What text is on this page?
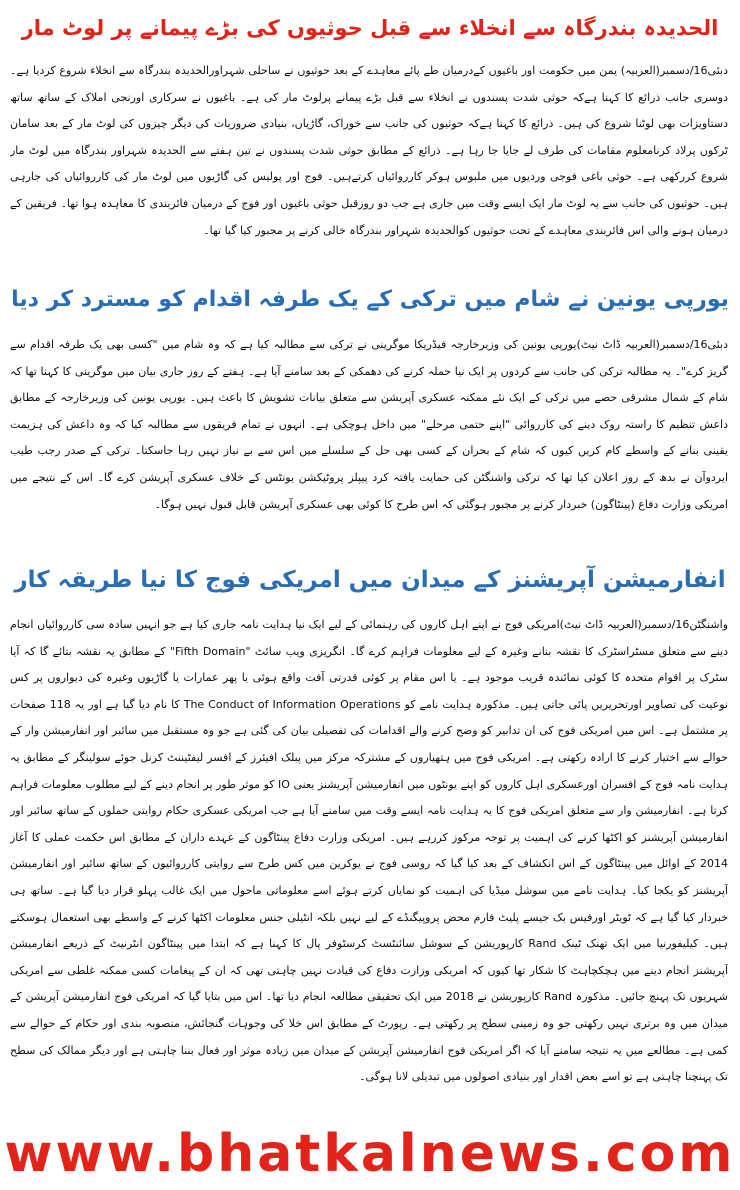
الحدیدہ بندرگاہ سے انخلاء سے قبل حوثیوں کی بڑے پیمانے پر لوٹ مار

دبئی16/دسمبر(العربیہ) یمن میں حکومت اور باغیوں کےدرمیان طے پائے معاہدے کے بعد حوثیوں نے ساحلی شہراورالحدیدہ بندرگاہ سے انخلاء شروع کردیا ہے۔ دوسری جانب ذرائع کا کہنا ہےکہ حوثی شدت پسندوں نے انخلاء سے قبل بڑے پیمانے پرلوٹ مار کی ہے۔ باغیوں نے سرکاری اورنجی املاک کے ساتھ ساتھ دستاویزات بھی لوٹنا شروع کی ہیں۔ ذرائع کا کہنا ہےکہ حوثیوں کی جانب سے خوراک، گاڑیاں، بنیادی ضروریات کی دیگر چیزوں کی لوٹ مار کے بعد سامان ٹرکوں پرلاد کرنامعلوم مقامات کی طرف لے جایا جا رہا ہے۔ ذرائع کے مطابق حوثی شدت پسندوں نے تین ہفتے سے الحدیدہ شہراور بندرگاہ میں لوٹ مار شروع کررکھی ہے۔ حوثی باغی فوجی وردیوں میں ملبوس ہوکر کارروائیاں کرتےہیں۔ فوج اور پولیس کی گاڑیوں میں لوٹ مار کی کارروائیاں کی جارہی ہیں۔ حوثیوں کی جانب سے یہ لوٹ مار ایک ایسے وقت میں جاری ہے جب دو روزقبل حوثی باغیوں اور فوج کے درمیان فائربندی کا معاہدہ ہوا تھا۔ فریقین کے درمیان ہونے والی اس فائربندی معاہدے کے تحت حوثیوں کوالحدیدہ شہراور بندرگاہ خالی کرنے پر مجبور کیا گیا تھا۔

یورپی یونین نے شام میں ترکی کے یک طرفہ اقدام کو مسترد کر دیا

دبئی16/دسمبر(العربیہ ڈاٹ نیٹ)یورپی یونین کی وزیرخارجہ فیڈریکا موگرینی نے ترکی سے مطالبہ کیا ہے کہ وہ شام میں "کسی بھی یک طرفہ اقدام سے گریز کرے"۔ یہ مطالبہ ترکی کی جانب سے کردوں پر ایک نیا حملہ کرنے کی دھمکی کے بعد سامنے آیا ہے۔ ہفتے کے روز جاری بیان میں موگرینی کا کہنا تھا کہ شام کے شمال مشرقی حصے میں ترکی کے ایک نئے ممکنہ عسکری آپریشن سے متعلق بیانات تشویش کا باعث ہیں۔ یورپی یونین کی وزیرخارجہ کے مطابق داعش تنظیم کا راستہ روک دینے کی کارروائی "اپنے حتمی مرحلے" میں داخل ہوچکی ہے۔ انہوں نے تمام فریقوں سے مطالبہ کیا کہ وہ داعش کی ہزیمت یقینی بنانے کے واسطے کام کریں کیوں کہ شام کے بحران کے کسی بھی حل کے سلسلے میں اس سے بے نیاز نہیں رہا جاسکتا۔ ترکی کے صدر رجب طیب ایردوآن نے بدھ کے روز اعلان کیا تھا کہ ترکی واشنگٹن کی حمایت یافتہ کرد پیپلز پروٹیکشن یونٹس کے خلاف عسکری آپریشن کرے گا۔ اس کے نتیجے میں امریکی وزارت دفاع (پینٹاگون) خبردار کرنے پر مجبور ہوگئی کہ اس طرح کا کوئی بھی عسکری آپریشن قابل قبول نہیں ہوگا۔

انفارمیشن آپریشنز کے میدان میں امریکی فوج کا نیا طریقہ کار

واشنگٹن16/دسمبر(العربیہ ڈاٹ نیٹ)امریکی فوج نے اپنے اہل کاروں کی رہنمائی کے لیے ایک نیا ہدایت نامہ جاری کیا ہے جو انہیں سادہ سی کارروائیاں انجام دینے سے متعلق مسٹراسٹرک کا نقشہ بنانے وغیرہ کے لیے معلومات فراہم کرے گا۔ انگریزی ویب سائٹ "Fifth Domain" کے مطابق یہ نقشہ بتائے گا کہ آیا سٹرک پر اقوام متحدہ کا کوئی نمائندہ قریب موجود ہے۔ یا اس مقام پر کوئی قدرتی آفت واقع ہوئی یا پھر عمارات یا گاڑیوں وغیرہ کی دیواروں پر کس نوعیت کی تصاویر اورتحریریں پائی جاتی ہیں۔ مذکورہ ہدایت نامے کو The Conduct of Information Operations کا نام دیا گیا ہے اور یہ 118 صفحات پر مشتمل ہے۔ اس میں امریکی فوج کی ان تدابیر کو وضح کرنے والے اقدامات کی تفصیلی بیان کی گئی ہے جو وہ مستقبل میں سائبر اور انفارمیشن وار کے حوالے سے اختیار کرنے کا ارادہ رکھتی ہے۔ امریکی فوج میں ہتھیاروں کے مشترکہ مرکز میں پبلک افیئرز کے افسر لیفٹیننٹ کرنل جوئے سولینگر کے مطابق یہ ہدایت نامہ فوج کے افسران اورعسکری اہل کاروں کو اپنے یونٹوں میں انفارمیشن آپریشنز یعنی IO کو موثر طور پر انجام دینے کے لیے مطلوب معلومات فراہم کرتا ہے۔ انفارمیشن وار سے متعلق امریکی فوج کا یہ ہدایت نامہ ایسے وقت میں سامنے آیا ہے جب امریکی عسکری حکام روایتی حملوں کے ساتھ سائبر اور انفارمیشن آپریشنز کو اکٹھا کرنے کی اہمیت پر توجہ مرکوز کررہے ہیں۔ امریکی وزارت دفاع پینٹاگون کے عہدے داران کے مطابق اس حکمت عملی کا آغاز 2014 کے اوائل میں پینٹاگون کے اس انکشاف کے بعد کیا گیا کہ روسی فوج نے یوکرین میں کس طرح سے روایتی کارروائیوں کے ساتھ سائبر اور انفارمیشن آپریشنز کو یکجا کیا۔ ہدایت نامے میں سوشل میڈیا کی اہمیت کو نمایاں کرتے ہوئے اسے معلوماتی ماحول میں ایک غالب پہلو قرار دیا گیا ہے۔ ساتھ ہی خبردار کیا گیا ہے کہ ٹویٹر اورفیس بک جیسے پلیٹ فارم محض پروپیگنڈے کے لیے نہیں بلکہ انٹیلی جنس معلومات اکٹھا کرنے کے واسطے بھی استعمال ہوسکتے ہیں۔ کیلیفورنیا میں ایک تھنک ٹینک Rand کارپوریشن کے سوشل سائنٹسٹ کرسٹوفر پال کا کہنا ہے کہ ابتدا میں پینٹاگون انٹرنیٹ کے ذریعے انفارمیشن آپریشنز انجام دینے میں ہچکچاہٹ کا شکار تھا کیوں کہ امریکی وزارت دفاع کی قیادت نہیں چاہتی تھی کہ ان کے پیغامات کسی ممکنہ غلطی سے امریکی شہریوں تک پہنچ جائیں۔ مذکورہ Rand کارپوریشن نے 2018 میں ایک تحقیقی مطالعہ انجام دیا تھا۔ اس میں بتایا گیا کہ امریکی فوج انفارمیشن آپریشن کے میدان میں وہ برتری نہیں رکھتی جو وہ زمینی سطح پر رکھتی ہے۔ رپورٹ کے مطابق اس خلا کی وجوہات گنجائش، منصوبہ بندی اور حکام کے حوالے سے کمی ہے۔ مطالعے میں یہ نتیجہ سامنے آیا کہ اگر امریکی فوج انفارمیشن آپریشن کے میدان میں زیادہ موثر اور فعال بننا چاہتی ہے اور دیگر ممالک کی سطح تک پہنچنا چاہتی ہے تو اسے بعض اقدار اور بنیادی اصولوں میں تبدیلی لانا ہوگی۔

www.bhatkalnews.com
